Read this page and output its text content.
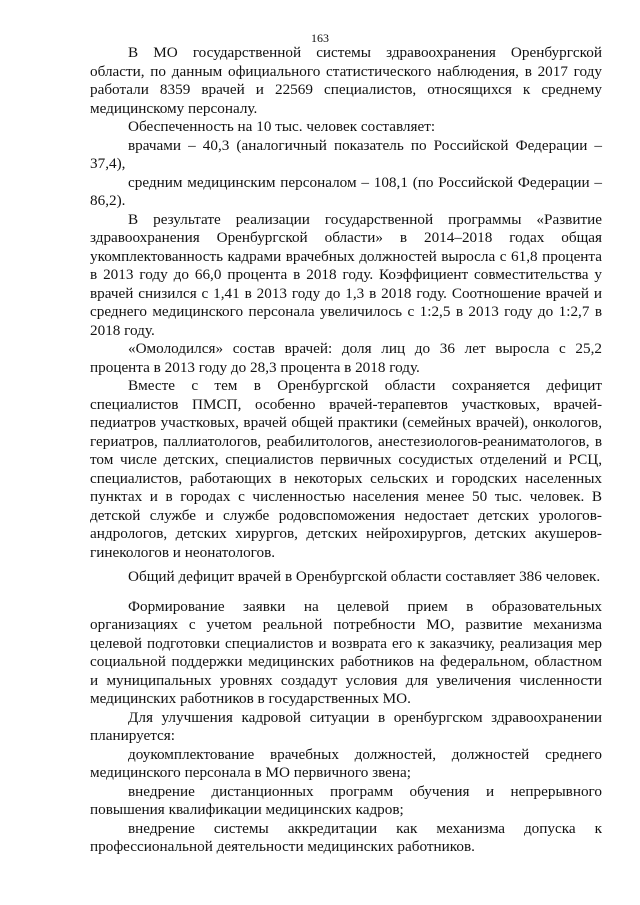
163

В МО государственной системы здравоохранения Оренбургской области, по данным официального статистического наблюдения, в 2017 году работали 8359 врачей и 22569 специалистов, относящихся к среднему медицинскому персоналу.

Обеспеченность на 10 тыс. человек составляет:

врачами – 40,3 (аналогичный показатель по Российской Федерации – 37,4),

средним медицинским персоналом – 108,1 (по Российской Федерации – 86,2).

В результате реализации государственной программы «Развитие здравоохранения Оренбургской области» в 2014–2018 годах общая укомплектованность кадрами врачебных должностей выросла с 61,8 процента в 2013 году до 66,0 процента в 2018 году. Коэффициент совместительства у врачей снизился с 1,41 в 2013 году до 1,3 в 2018 году. Соотношение врачей и среднего медицинского персонала увеличилось с 1:2,5 в 2013 году до 1:2,7 в 2018 году.

«Омолодился» состав врачей: доля лиц до 36 лет выросла с 25,2 процента в 2013 году до 28,3 процента в 2018 году.

Вместе с тем в Оренбургской области сохраняется дефицит специалистов ПМСП, особенно врачей-терапевтов участковых, врачей-педиатров участковых, врачей общей практики (семейных врачей), онкологов, гериатров, паллиатологов, реабилитологов, анестезиологов-реаниматологов, в том числе детских, специалистов первичных сосудистых отделений и РСЦ, специалистов, работающих в некоторых сельских и городских населенных пунктах и в городах с численностью населения менее 50 тыс. человек. В детской службе и службе родовспоможения недостает детских урологов-андрологов, детских хирургов, детских нейрохирургов, детских акушеров-гинекологов и неонатологов.

Общий дефицит врачей в Оренбургской области составляет 386 человек.

Формирование заявки на целевой прием в образовательных организациях с учетом реальной потребности МО, развитие механизма целевой подготовки специалистов и возврата его к заказчику, реализация мер социальной поддержки медицинских работников на федеральном, областном и муниципальных уровнях создадут условия для увеличения численности медицинских работников в государственных МО.

Для улучшения кадровой ситуации в оренбургском здравоохранении планируется:

доукомплектование врачебных должностей, должностей среднего медицинского персонала в МО первичного звена;

внедрение дистанционных программ обучения и непрерывного повышения квалификации медицинских кадров;

внедрение системы аккредитации как механизма допуска к профессиональной деятельности медицинских работников.
